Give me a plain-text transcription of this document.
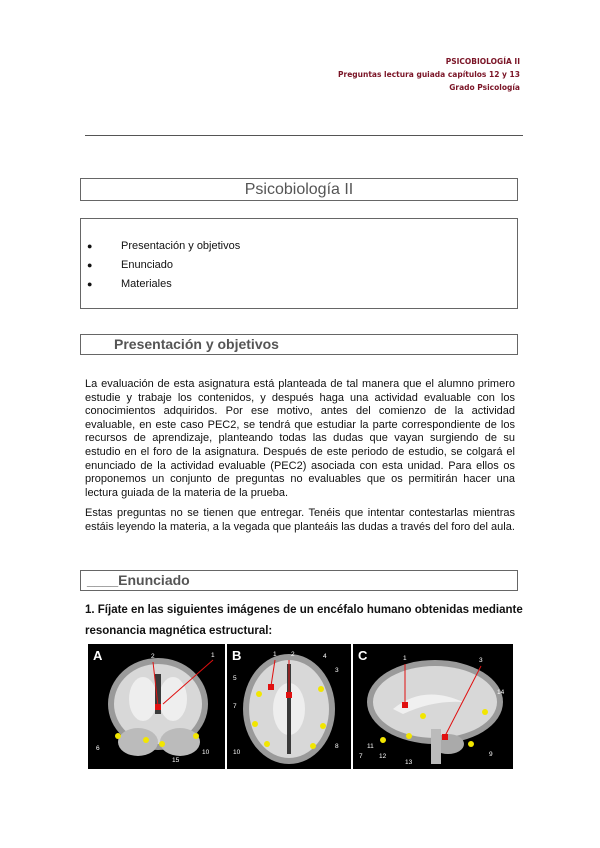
PSICOBIOLOGÍA II
Preguntas lectura guiada capítulos 12 y 13
Grado Psicología
Psicobiología II
●	Presentación y objetivos
●	Enunciado
●	Materiales
Presentación y objetivos
La evaluación de esta asignatura está planteada de tal manera que el alumno primero estudie y trabaje los contenidos, y después haga una actividad evaluable con los conocimientos adquiridos. Por ese motivo, antes del comienzo de la actividad evaluable, en este caso PEC2, se tendrá que estudiar la parte correspondiente de los recursos de aprendizaje, planteando todas las dudas que vayan surgiendo de su estudio en el foro de la asignatura. Después de este periodo de estudio, se colgará el enunciado de la actividad evaluable (PEC2) asociada con esta unidad. Para ellos os proponemos un conjunto de preguntas no evaluables que os permitirán hacer una lectura guiada de la materia de la prueba.
Estas preguntas no se tienen que entregar. Tenéis que intentar contestarlas mientras estáis leyendo la materia, a la vegada que planteáis las dudas a través del foro del aula.
____Enunciado
1. Fíjate en las siguientes imágenes de un encéfalo humano obtenidas mediante resonancia magnética estructural:
2	1
6
10
15
A	1 2
3
4
5
7
10
8
B	1	3
14
11
12
13
9
7
C
